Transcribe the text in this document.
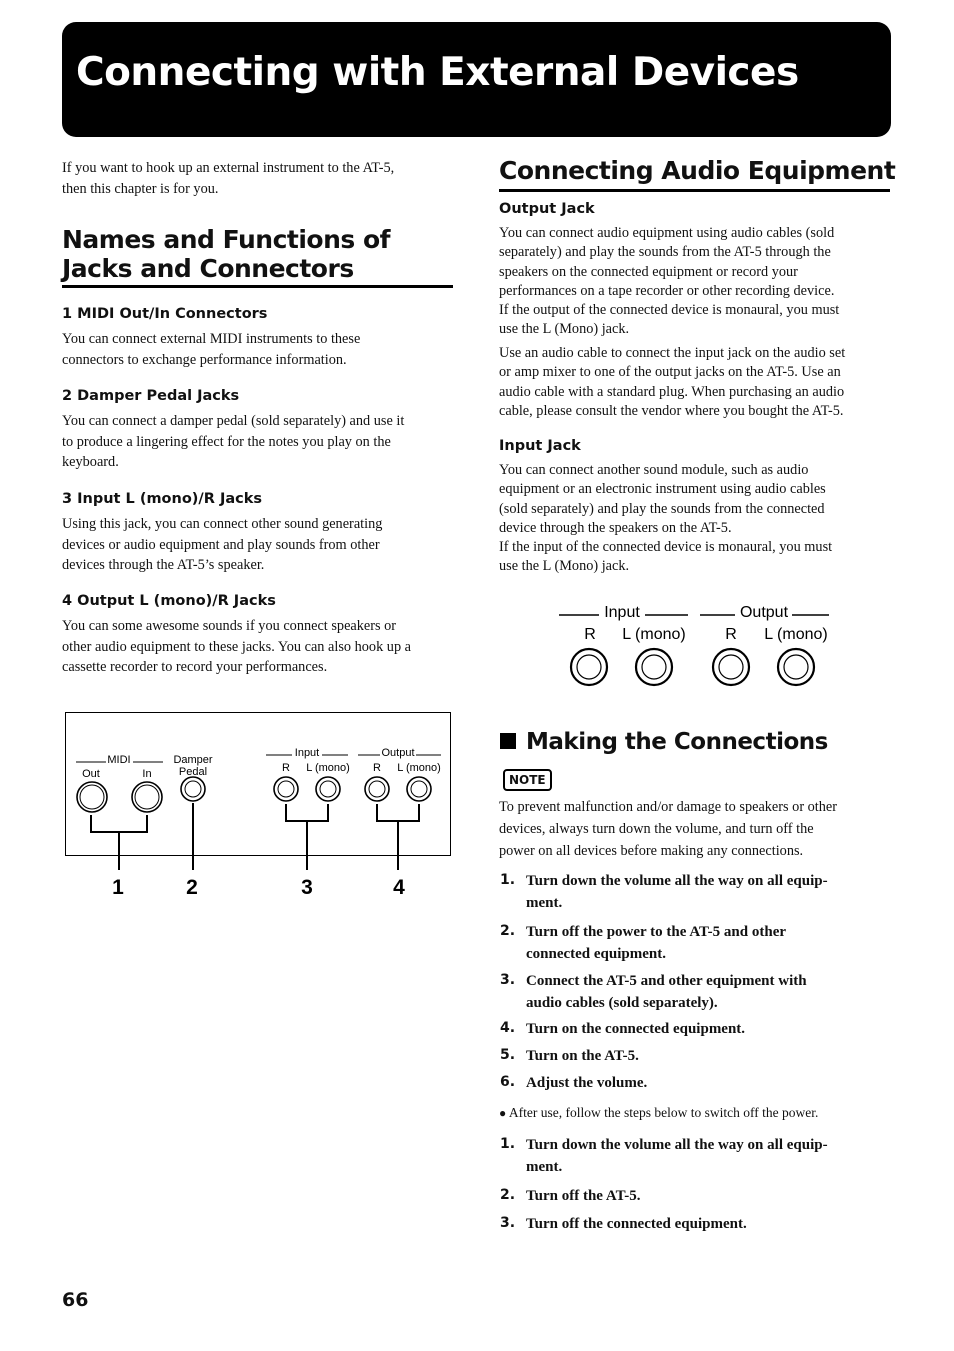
Connecting with External Devices
If you want to hook up an external instrument to the AT-5,
then this chapter is for you.
Names and Functions of
Jacks and Connectors
1 MIDI Out/In Connectors
You can connect external MIDI instruments to these
connectors to exchange performance information.
2 Damper Pedal Jacks
You can connect a damper pedal (sold separately) and use it
to produce a lingering effect for the notes you play on the
keyboard.
3 Input L (mono)/R Jacks
Using this jack, you can connect other sound generating
devices or audio equipment and play sounds from other
devices through the AT-5’s speaker.
4 Output L (mono)/R Jacks
You can some awesome sounds if you connect speakers or
other audio equipment to these jacks. You can also hook up a
cassette recorder to record your performances.
MIDI
Out	In
Damper
Pedal
Input	Output
R L (mono) R L (mono)
1	2	3	4
Input	Output
R L (mono) R L (mono)
Connecting Audio Equipment
Output Jack
You can connect audio equipment using audio cables (sold
separately) and play the sounds from the AT-5 through the
speakers on the connected equipment or record your
performances on a tape recorder or other recording device.
If the output of the connected device is monaural, you must
use the L (Mono) jack.
Use an audio cable to connect the input jack on the audio set
or amp mixer to one of the output jacks on the AT-5. Use an
audio cable with a standard plug. When purchasing an audio
cable, please consult the vendor where you bought the AT-5.
Input Jack
You can connect another sound module, such as audio
equipment or an electronic instrument using audio cables
(sold separately) and play the sounds from the connected
device through the speakers on the AT-5.
If the input of the connected device is monaural, you must
use the L (Mono) jack.
Making the Connections
NOTE
To prevent malfunction and/or damage to speakers or other
devices, always turn down the volume, and turn off the
power on all devices before making any connections.
1. Turn down the volume all the way on all equip-
ment.
2. Turn off the power to the AT-5 and other
connected equipment.
3. Connect the AT-5 and other equipment with
audio cables (sold separately).
4. Turn on the connected equipment.
5. Turn on the AT-5.
6. Adjust the volume.
● After use, follow the steps below to switch off the power.
1. Turn down the volume all the way on all equip-
ment.
2. Turn off the AT-5.
3. Turn off the connected equipment.
66
